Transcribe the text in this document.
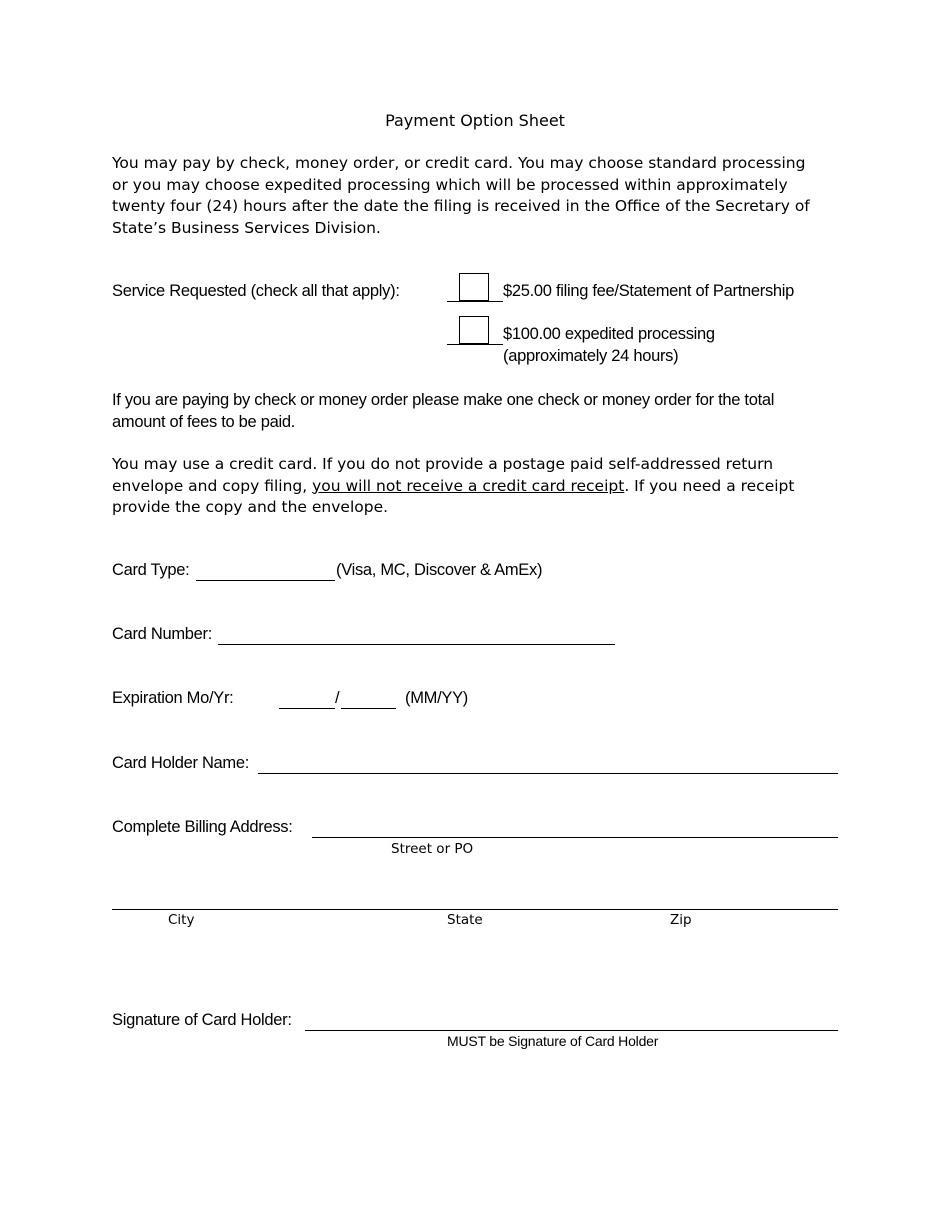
Payment Option Sheet
You may pay by check, money order, or credit card. You may choose standard processing
or you may choose expedited processing which will be processed within approximately
twenty four (24) hours after the date the filing is received in the Office of the Secretary of
State’s Business Services Division.
Service Requested (check all that apply):	$25.00 filing fee/Statement of Partnership
$100.00 expedited processing
(approximately 24 hours)
If you are paying by check or money order please make one check or money order for the total
amount of fees to be paid.
You may use a credit card. If you do not provide a postage paid self-addressed return
envelope and copy filing, you will not receive a credit card receipt. If you need a receipt
provide the copy and the envelope.
Card Type:	(Visa, MC, Discover & AmEx)
Card Number:
Expiration Mo/Yr:	/	(MM/YY)
Card Holder Name:
Complete Billing Address:
Street or PO
City	State	Zip
Signature of Card Holder:
MUST be Signature of Card Holder
